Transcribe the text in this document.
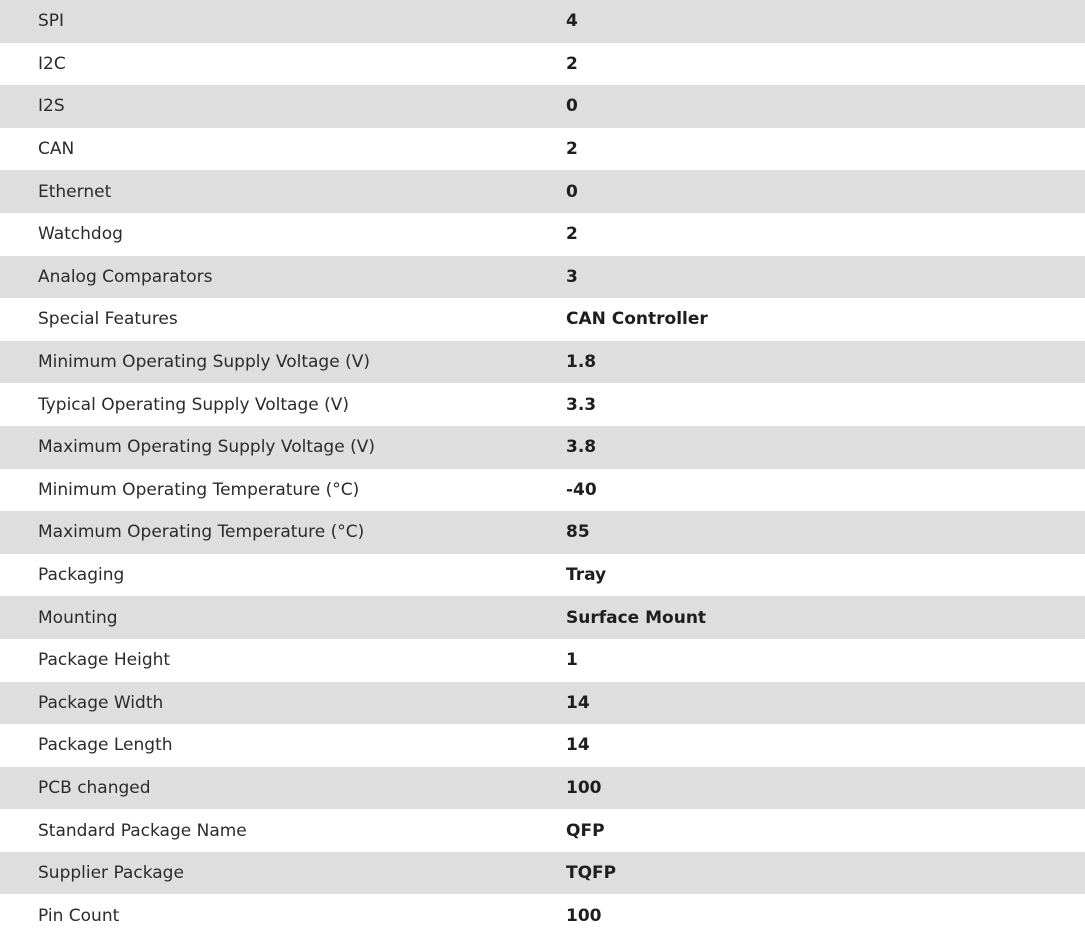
SPI	4
I2C	2
I2S	0
CAN	2
Ethernet	0
Watchdog	2
Analog Comparators	3
Special Features	CAN Controller
Minimum Operating Supply Voltage (V)	1.8
Typical Operating Supply Voltage (V)	3.3
Maximum Operating Supply Voltage (V)	3.8
Minimum Operating Temperature (°C)	-40
Maximum Operating Temperature (°C)	85
Packaging	Tray
Mounting	Surface Mount
Package Height	1
Package Width	14
Package Length	14
PCB changed	100
Standard Package Name	QFP
Supplier Package	TQFP
Pin Count	100
